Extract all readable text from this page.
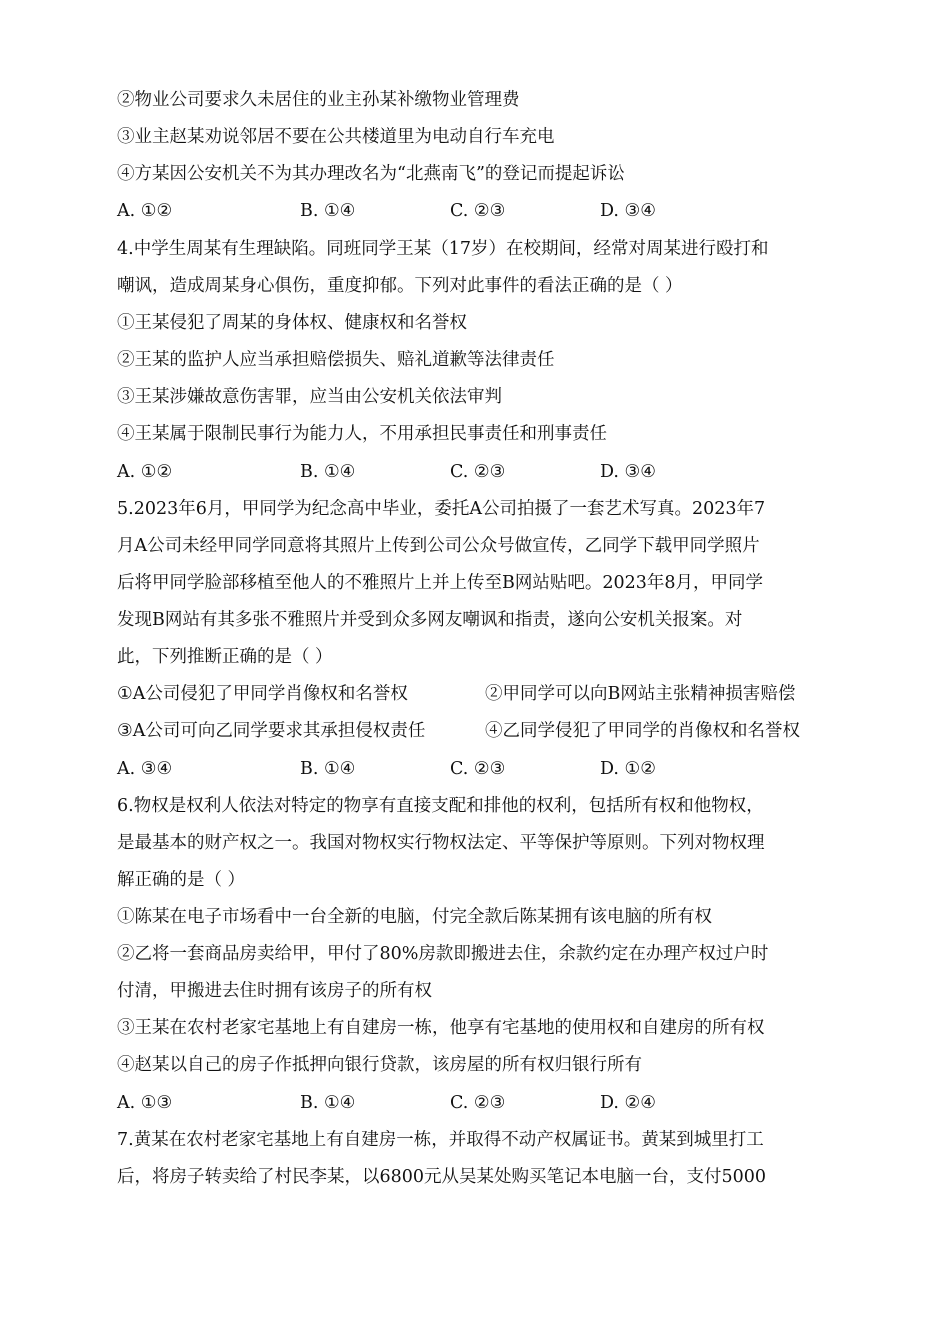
②物业公司要求久未居住的业主孙某补缴物业管理费
③业主赵某劝说邻居不要在公共楼道里为电动自行车充电
④方某因公安机关不为其办理改名为“北燕南飞”的登记而提起诉讼
A. ①②	B. ①④	C. ②③	D. ③④
4.中学生周某有生理缺陷。同班同学王某（17岁）在校期间，经常对周某进行殴打和
嘲讽，造成周某身心俱伤，重度抑郁。下列对此事件的看法正确的是（ ）
①王某侵犯了周某的身体权、健康权和名誉权
②王某的监护人应当承担赔偿损失、赔礼道歉等法律责任
③王某涉嫌故意伤害罪，应当由公安机关依法审判
④王某属于限制民事行为能力人，不用承担民事责任和刑事责任
A. ①②	B. ①④	C. ②③	D. ③④
5.2023年6月，甲同学为纪念高中毕业，委托A公司拍摄了一套艺术写真。2023年7
月A公司未经甲同学同意将其照片上传到公司公众号做宣传，乙同学下载甲同学照片
后将甲同学脸部移植至他人的不雅照片上并上传至B网站贴吧。2023年8月，甲同学
发现B网站有其多张不雅照片并受到众多网友嘲讽和指责，遂向公安机关报案。对
此，下列推断正确的是（ ）
①A公司侵犯了甲同学肖像权和名誉权	②甲同学可以向B网站主张精神损害赔偿
③A公司可向乙同学要求其承担侵权责任	④乙同学侵犯了甲同学的肖像权和名誉权
A. ③④	B. ①④	C. ②③	D. ①②
6.物权是权利人依法对特定的物享有直接支配和排他的权利，包括所有权和他物权，
是最基本的财产权之一。我国对物权实行物权法定、平等保护等原则。下列对物权理
解正确的是（ ）
①陈某在电子市场看中一台全新的电脑，付完全款后陈某拥有该电脑的所有权
②乙将一套商品房卖给甲，甲付了80%房款即搬进去住，余款约定在办理产权过户时
付清，甲搬进去住时拥有该房子的所有权
③王某在农村老家宅基地上有自建房一栋，他享有宅基地的使用权和自建房的所有权
④赵某以自己的房子作抵押向银行贷款，该房屋的所有权归银行所有
A. ①③	B. ①④	C. ②③	D. ②④
7.黄某在农村老家宅基地上有自建房一栋，并取得不动产权属证书。黄某到城里打工
后，将房子转卖给了村民李某，以6800元从吴某处购买笔记本电脑一台，支付5000
